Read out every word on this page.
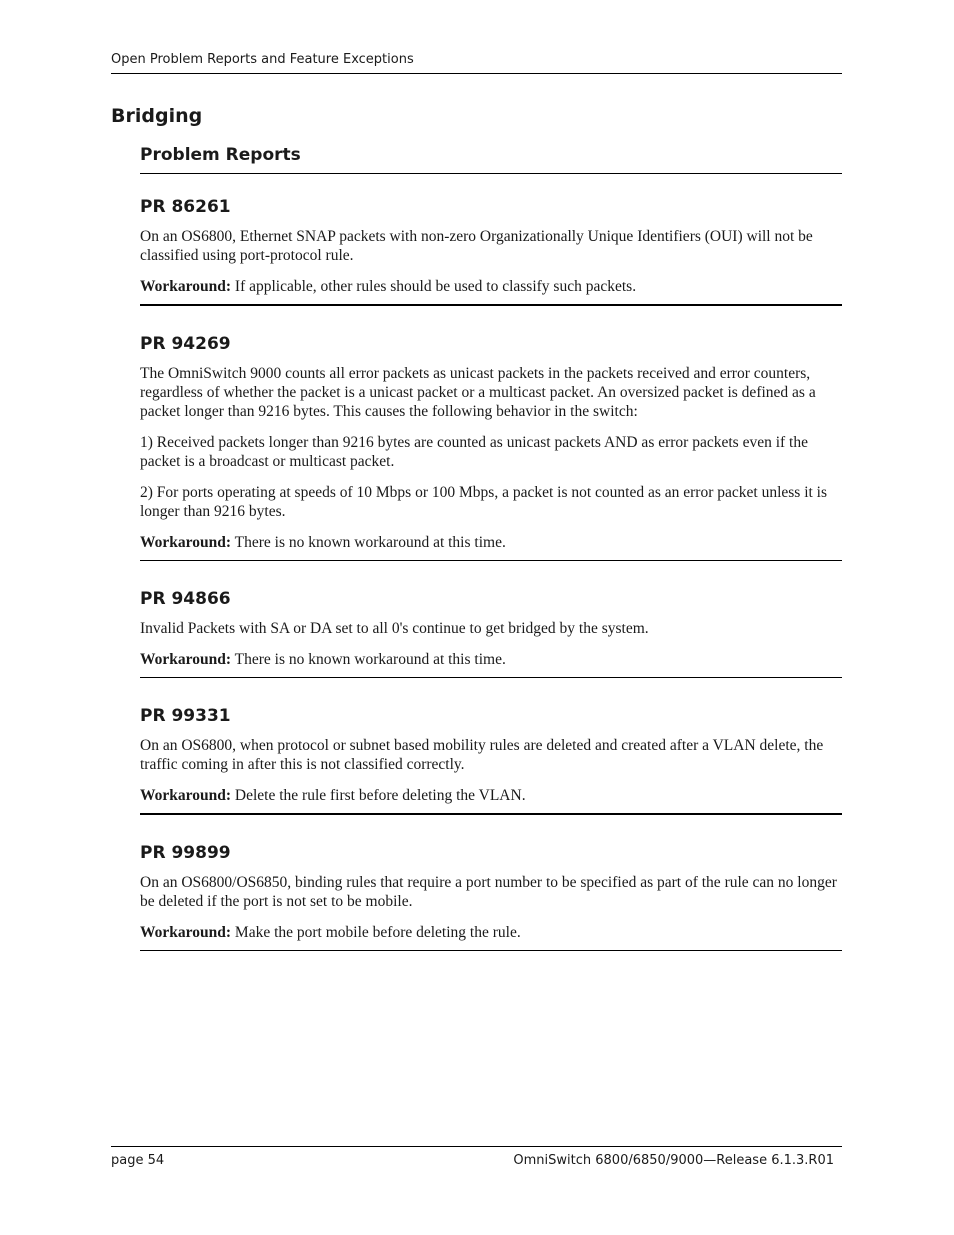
Open Problem Reports and Feature Exceptions
Bridging
Problem Reports
PR 86261

On an OS6800, Ethernet SNAP packets with non-zero Organizationally Unique Identifiers (OUI) will not be classified using port-protocol rule.

Workaround: If applicable, other rules should be used to classify such packets.

PR 94269

The OmniSwitch 9000 counts all error packets as unicast packets in the packets received and error counters, regardless of whether the packet is a unicast packet or a multicast packet. An oversized packet is defined as a packet longer than 9216 bytes. This causes the following behavior in the switch:

1) Received packets longer than 9216 bytes are counted as unicast packets AND as error packets even if the packet is a broadcast or multicast packet.

2) For ports operating at speeds of 10 Mbps or 100 Mbps, a packet is not counted as an error packet unless it is longer than 9216 bytes.

Workaround: There is no known workaround at this time.

PR 94866

Invalid Packets with SA or DA set to all 0's continue to get bridged by the system.

Workaround: There is no known workaround at this time.

PR 99331

On an OS6800, when protocol or subnet based mobility rules are deleted and created after a VLAN delete, the traffic coming in after this is not classified correctly.

Workaround: Delete the rule first before deleting the VLAN.

PR 99899

On an OS6800/OS6850, binding rules that require a port number to be specified as part of the rule can no longer be deleted if the port is not set to be mobile.

Workaround: Make the port mobile before deleting the rule.

page 54	OmniSwitch 6800/6850/9000—Release 6.1.3.R01
